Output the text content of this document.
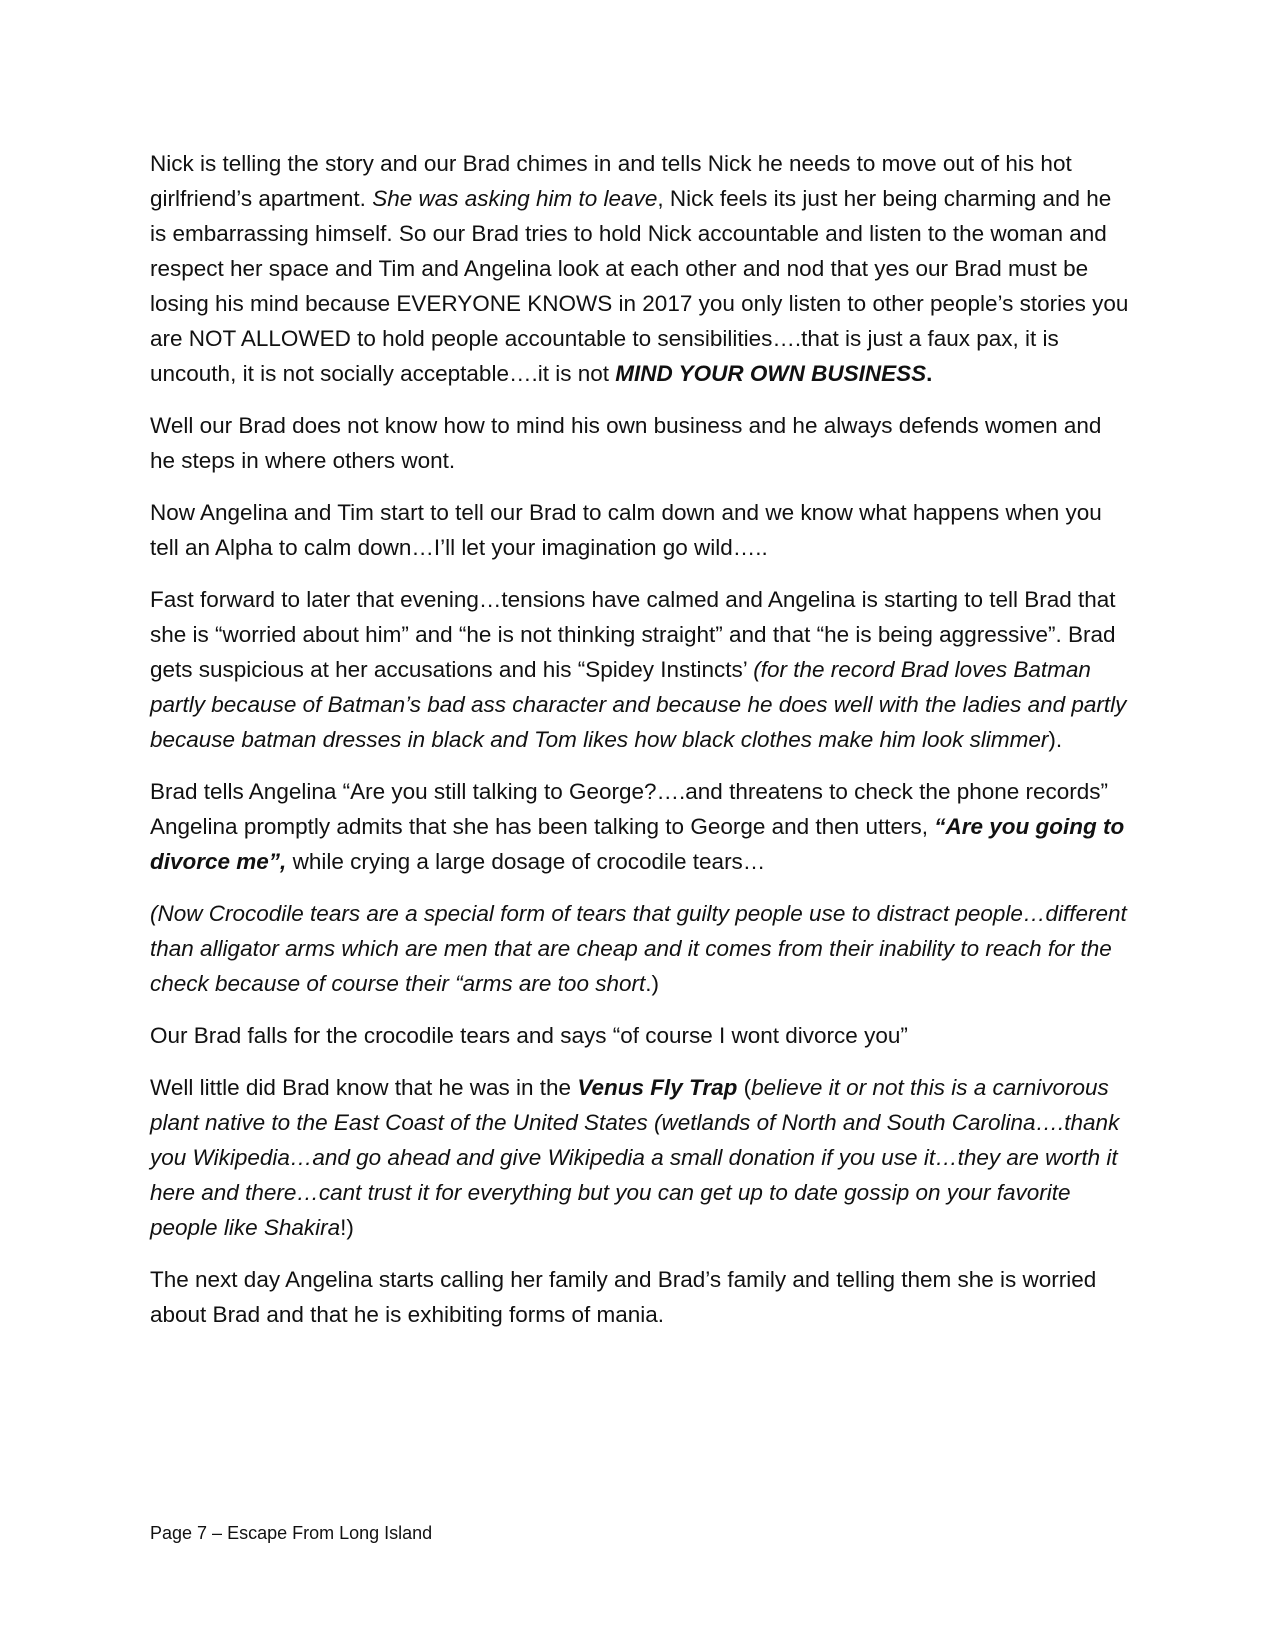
Nick is telling the story and our Brad chimes in and tells Nick he needs to move out of his hot girlfriend’s apartment. She was asking him to leave, Nick feels its just her being charming and he is embarrassing himself. So our Brad tries to hold Nick accountable and listen to the woman and respect her space and Tim and Angelina look at each other and nod that yes our Brad must be losing his mind because EVERYONE KNOWS in 2017 you only listen to other people’s stories you are NOT ALLOWED to hold people accountable to sensibilities….that is just a faux pax, it is uncouth, it is not socially acceptable….it is not MIND YOUR OWN BUSINESS.

Well our Brad does not know how to mind his own business and he always defends women and he steps in where others wont.

Now Angelina and Tim start to tell our Brad to calm down and we know what happens when you tell an Alpha to calm down…I’ll let your imagination go wild…..

Fast forward to later that evening…tensions have calmed and Angelina is starting to tell Brad that she is “worried about him” and “he is not thinking straight” and that “he is being aggressive”. Brad gets suspicious at her accusations and his “Spidey Instincts’ (for the record Brad loves Batman partly because of Batman’s bad ass character and because he does well with the ladies and partly because batman dresses in black and Tom likes how black clothes make him look slimmer).

Brad tells Angelina “Are you still talking to George?….and threatens to check the phone records” Angelina promptly admits that she has been talking to George and then utters, “Are you going to divorce me”, while crying a large dosage of crocodile tears…

(Now Crocodile tears are a special form of tears that guilty people use to distract people…different than alligator arms which are men that are cheap and it comes from their inability to reach for the check because of course their “arms are too short.)

Our Brad falls for the crocodile tears and says “of course I wont divorce you”

Well little did Brad know that he was in the Venus Fly Trap (believe it or not this is a carnivorous plant native to the East Coast of the United States (wetlands of North and South Carolina….thank you Wikipedia…and go ahead and give Wikipedia a small donation if you use it…they are worth it here and there…cant trust it for everything but you can get up to date gossip on your favorite people like Shakira!)

The next day Angelina starts calling her family and Brad’s family and telling them she is worried about Brad and that he is exhibiting forms of mania.

Page 7 – Escape From Long Island
